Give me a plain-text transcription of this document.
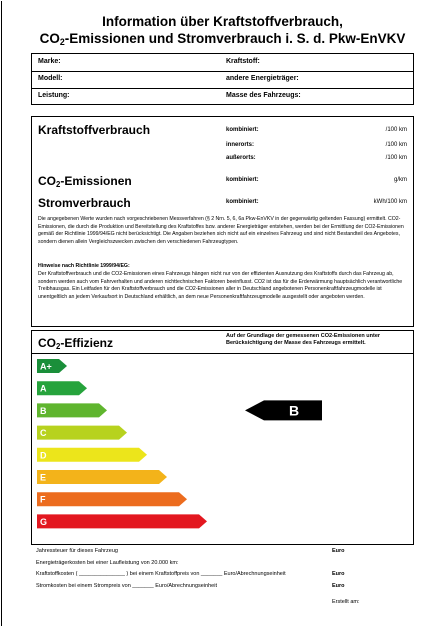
Information über Kraftstoffverbrauch,
$CO_2$-Emissionen und Stromverbrauch i. S. d. Pkw-EnVKV
Marke:	Kraftstoff:
Modell:	andere Energieträger:
Leistung:	Masse des Fahrzeugs:
Kraftstoffverbrauch	kombiniert:	/100 km
innerorts:	/100 km
außerorts:	/100 km
$CO_2$-Emissionen	kombiniert:	g/km
Stromverbrauch	kombiniert:	kWh/100 km
Die angegebenen Werte wurden nach vorgeschriebenen Messverfahren (§ 2 Nrn. 5, 6, 6a Pkw-EnVKV in der gegenwärtig geltenden Fassung) ermittelt. CO2-Emissionen, die durch die Produktion und Bereitstellung des Kraftstoffes bzw. anderer Energieträger entstehen, werden bei der Ermittlung der CO2-Emissionen gemäß der Richtlinie 1999/94/EG nicht berücksichtigt. Die Angaben beziehen sich nicht auf ein einzelnes Fahrzeug und sind nicht Bestandteil des Angebotes, sondern dienen allein Vergleichszwecken zwischen den verschiedenen Fahrzeugtypen.
Hinweise nach Richtlinie 1999/94/EG:
Der Kraftstoffverbrauch und die CO2-Emissionen eines Fahrzeugs hängen nicht nur von der effizienten Ausnutzung des Kraftstoffs durch das Fahrzeug ab, sondern werden auch vom Fahrverhalten und anderen nichttechnischen Faktoren beeinflusst. CO2 ist das für die Erderwärmung hauptsächlich verantwortliche Treibhausgas. Ein Leitfaden für den Kraftstoffverbrauch und die CO2-Emissionen aller in Deutschland angebotenen Personenkraftfahrzeugmodelle ist unentgeltlich an jedem Verkaufsort in Deutschland erhältlich, an dem neue Personenkraftfahrzeugmodelle ausgestellt oder angeboten werden.
$CO_2$-Effizienz	Auf der Grundlage der gemessenen CO2-Emissionen unter
Berücksichtigung der Masse des Fahrzeugs ermittelt.
A+
A
B
C
D
E
F
G
B
Jahressteuer für dieses Fahrzeug	Euro
Energieträgerkosten bei einer Laufleistung von 20.000 km:
Kraftstoffkosten ( _______________ ) bei einem Kraftstoffpreis von _______ Euro/Abrechnungseinheit	Euro
Stromkosten bei einem Strompreis von _______ Euro/Abrechnungseinheit	Euro
Erstellt am:
